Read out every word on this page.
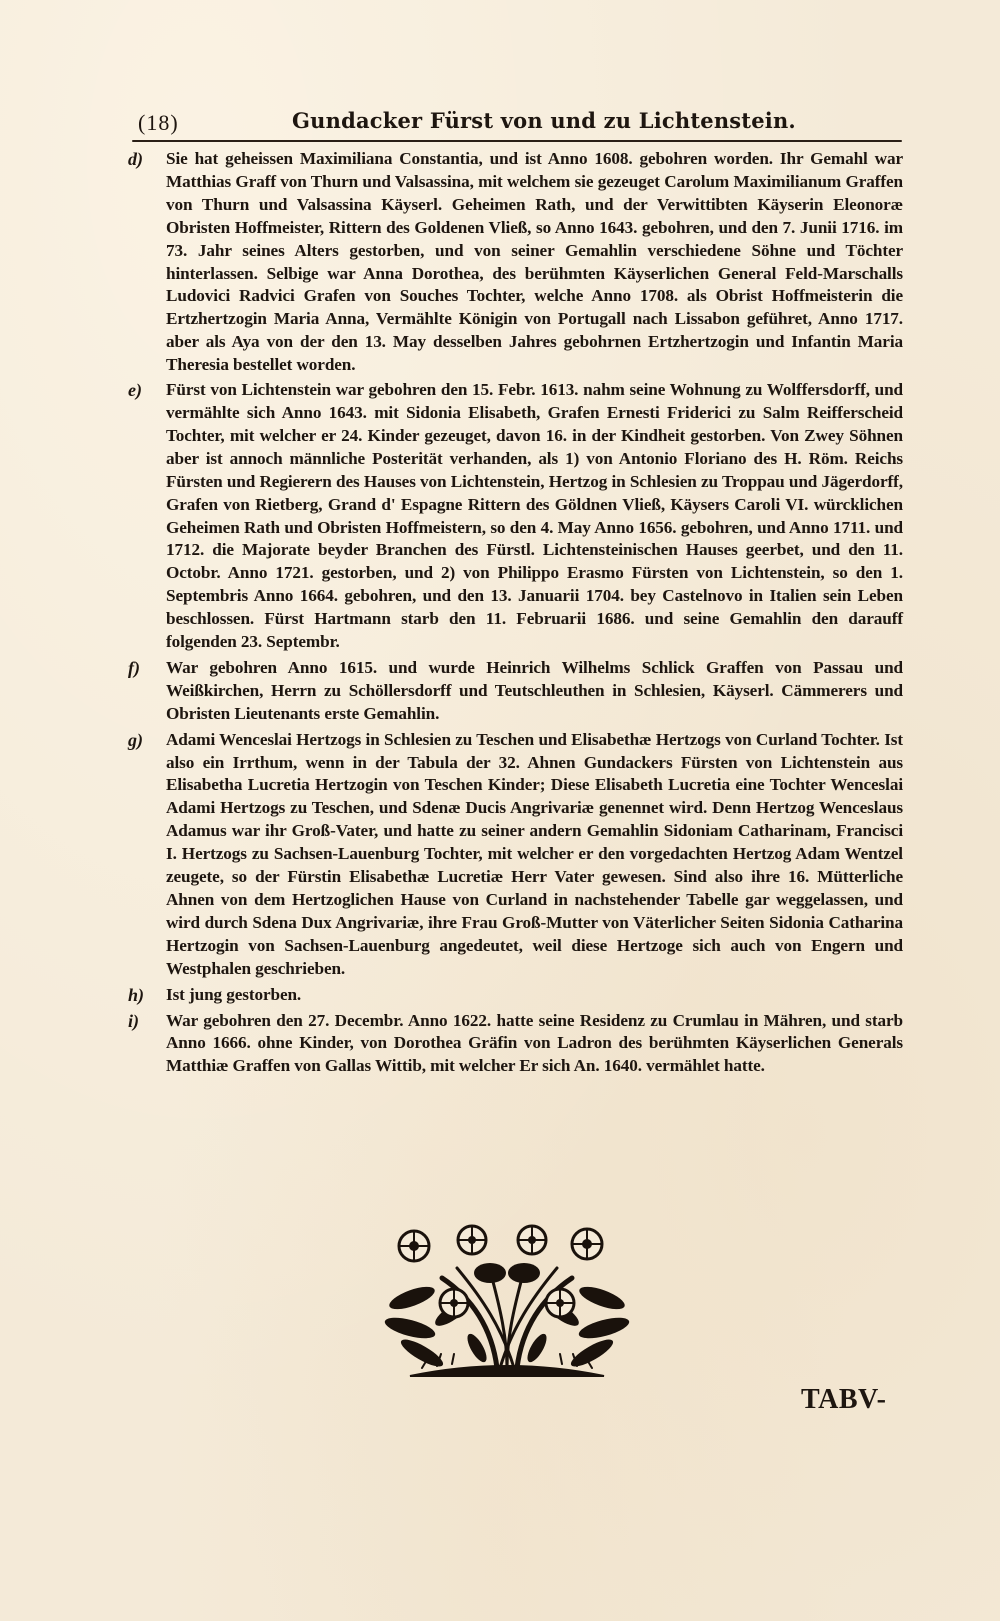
(18)	Gundacker Fürst von und zu Lichtenstein.
d) Sie hat geheissen Maximiliana Constantia, und ist Anno 1608. gebohren worden. Ihr Gemahl war Matthias Graff von Thurn und Valsassina, mit welchem sie gezeuget Carolum Maximilianum Graffen von Thurn und Valsassina Käyserl. Geheimen Rath, und der Verwittibten Käyserin Eleonoræ Obristen Hoffmeister, Rittern des Goldenen Vließ, so Anno 1643. gebohren, und den 7. Junii 1716. im 73. Jahr seines Alters gestorben, und von seiner Gemahlin verschiedene Söhne und Töchter hinterlassen. Selbige war Anna Dorothea, des berühmten Käyserlichen General Feld-Marschalls Ludovici Radvici Grafen von Souches Tochter, welche Anno 1708. als Obrist Hoffmeisterin die Ertzhertzogin Maria Anna, Vermählte Königin von Portugall nach Lissabon geführet, Anno 1717. aber als Aya von der den 13. May desselben Jahres gebohrnen Ertzhertzogin und Infantin Maria Theresia bestellet worden.
e) Fürst von Lichtenstein war gebohren den 15. Febr. 1613. nahm seine Wohnung zu Wolffersdorff, und vermählte sich Anno 1643. mit Sidonia Elisabeth, Grafen Ernesti Friderici zu Salm Reifferscheid Tochter, mit welcher er 24. Kinder gezeuget, davon 16. in der Kindheit gestorben. Von Zwey Söhnen aber ist annoch männliche Posterität verhanden, als 1) von Antonio Floriano des H. Röm. Reichs Fürsten und Regierern des Hauses von Lichtenstein, Hertzog in Schlesien zu Troppau und Jägerdorff, Grafen von Rietberg, Grand d' Espagne Rittern des Göldnen Vließ, Käysers Caroli VI. würcklichen Geheimen Rath und Obristen Hoffmeistern, so den 4. May Anno 1656. gebohren, und Anno 1711. und 1712. die Majorate beyder Branchen des Fürstl. Lichtensteinischen Hauses geerbet, und den 11. Octobr. Anno 1721. gestorben, und 2) von Philippo Erasmo Fürsten von Lichtenstein, so den 1. Septembris Anno 1664. gebohren, und den 13. Januarii 1704. bey Castelnovo in Italien sein Leben beschlossen. Fürst Hartmann starb den 11. Februarii 1686. und seine Gemahlin den darauff folgenden 23. Septembr.
f) War gebohren Anno 1615. und wurde Heinrich Wilhelms Schlick Graffen von Passau und Weißkirchen, Herrn zu Schöllersdorff und Teutschleuthen in Schlesien, Käyserl. Cämmerers und Obristen Lieutenants erste Gemahlin.
g) Adami Wenceslai Hertzogs in Schlesien zu Teschen und Elisabethæ Hertzogs von Curland Tochter. Ist also ein Irrthum, wenn in der Tabula der 32. Ahnen Gundackers Fürsten von Lichtenstein aus Elisabetha Lucretia Hertzogin von Teschen Kinder; Diese Elisabeth Lucretia eine Tochter Wenceslai Adami Hertzogs zu Teschen, und Sdenæ Ducis Angrivariæ genennet wird. Denn Hertzog Wenceslaus Adamus war ihr Groß-Vater, und hatte zu seiner andern Gemahlin Sidoniam Catharinam, Francisci I. Hertzogs zu Sachsen-Lauenburg Tochter, mit welcher er den vorgedachten Hertzog Adam Wentzel zeugete, so der Fürstin Elisabethæ Lucretiæ Herr Vater gewesen. Sind also ihre 16. Mütterliche Ahnen von dem Hertzoglichen Hause von Curland in nachstehender Tabelle gar weggelassen, und wird durch Sdena Dux Angrivariæ, ihre Frau Groß-Mutter von Väterlicher Seiten Sidonia Catharina Hertzogin von Sachsen-Lauenburg angedeutet, weil diese Hertzoge sich auch von Engern und Westphalen geschrieben.
h) Ist jung gestorben.
i) War gebohren den 27. Decembr. Anno 1622. hatte seine Residenz zu Crumlau in Mähren, und starb Anno 1666. ohne Kinder, von Dorothea Gräfin von Ladron des berühmten Käyserlichen Generals Matthiæ Graffen von Gallas Wittib, mit welcher Er sich An. 1640. vermählet hatte.
TABV-
